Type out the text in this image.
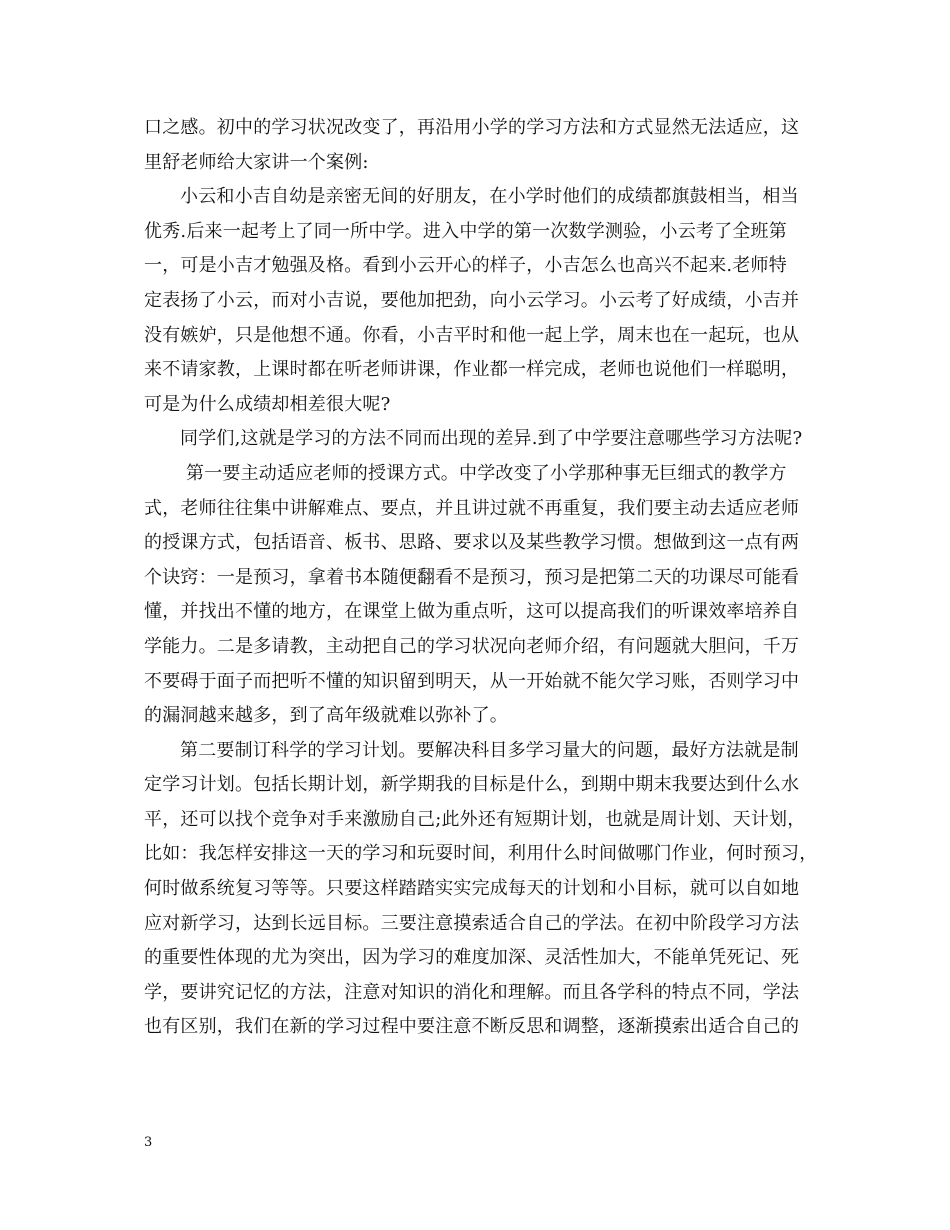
口之感。初中的学习状况改变了，再沿用小学的学习方法和方式显然无法适应，这
里舒老师给大家讲一个案例:
小云和小吉自幼是亲密无间的好朋友，在小学时他们的成绩都旗鼓相当，相当
优秀.后来一起考上了同一所中学。进入中学的第一次数学测验，小云考了全班第
一，可是小吉才勉强及格。看到小云开心的样子，小吉怎么也高兴不起来.老师特
定表扬了小云，而对小吉说，要他加把劲，向小云学习。小云考了好成绩，小吉并
没有嫉妒，只是他想不通。你看，小吉平时和他一起上学，周末也在一起玩，也从
来不请家教，上课时都在听老师讲课，作业都一样完成，老师也说他们一样聪明，
可是为什么成绩却相差很大呢?
同学们,这就是学习的方法不同而出现的差异.到了中学要注意哪些学习方法呢?
第一要主动适应老师的授课方式。中学改变了小学那种事无巨细式的教学方
式，老师往往集中讲解难点、要点，并且讲过就不再重复，我们要主动去适应老师
的授课方式，包括语音、板书、思路、要求以及某些教学习惯。想做到这一点有两
个诀窍：一是预习，拿着书本随便翻看不是预习，预习是把第二天的功课尽可能看
懂，并找出不懂的地方，在课堂上做为重点听，这可以提高我们的听课效率培养自
学能力。二是多请教，主动把自己的学习状况向老师介绍，有问题就大胆问，千万
不要碍于面子而把听不懂的知识留到明天，从一开始就不能欠学习账，否则学习中
的漏洞越来越多，到了高年级就难以弥补了。
第二要制订科学的学习计划。要解决科目多学习量大的问题，最好方法就是制
定学习计划。包括长期计划，新学期我的目标是什么，到期中期末我要达到什么水
平，还可以找个竞争对手来激励自己;此外还有短期计划，也就是周计划、天计划，
比如：我怎样安排这一天的学习和玩耍时间，利用什么时间做哪门作业，何时预习，
何时做系统复习等等。只要这样踏踏实实完成每天的计划和小目标，就可以自如地
应对新学习，达到长远目标。三要注意摸索适合自己的学法。在初中阶段学习方法
的重要性体现的尤为突出，因为学习的难度加深、灵活性加大，不能单凭死记、死
学，要讲究记忆的方法，注意对知识的消化和理解。而且各学科的特点不同，学法
也有区别，我们在新的学习过程中要注意不断反思和调整，逐渐摸索出适合自己的
3
